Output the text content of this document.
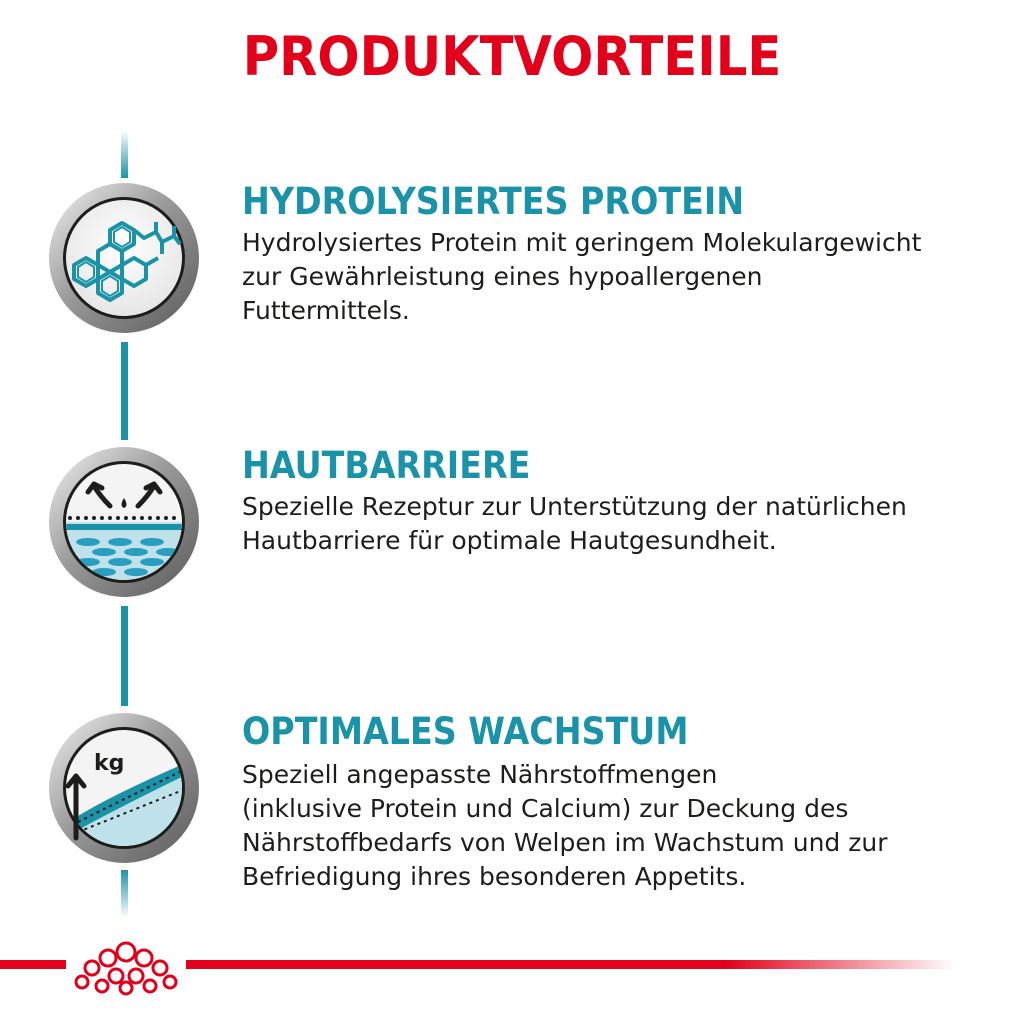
PRODUKTVORTEILE
HYDROLYSIERTES PROTEIN
Hydrolysiertes Protein mit geringem Molekulargewicht
zur Gewährleistung eines hypoallergenen
Futtermittels.
HAUTBARRIERE
Spezielle Rezeptur zur Unterstützung der natürlichen
Hautbarriere für optimale Hautgesundheit.
kg
OPTIMALES WACHSTUM
Speziell angepasste Nährstoffmengen
(inklusive Protein und Calcium) zur Deckung des
Nährstoffbedarfs von Welpen im Wachstum und zur
Befriedigung ihres besonderen Appetits.
